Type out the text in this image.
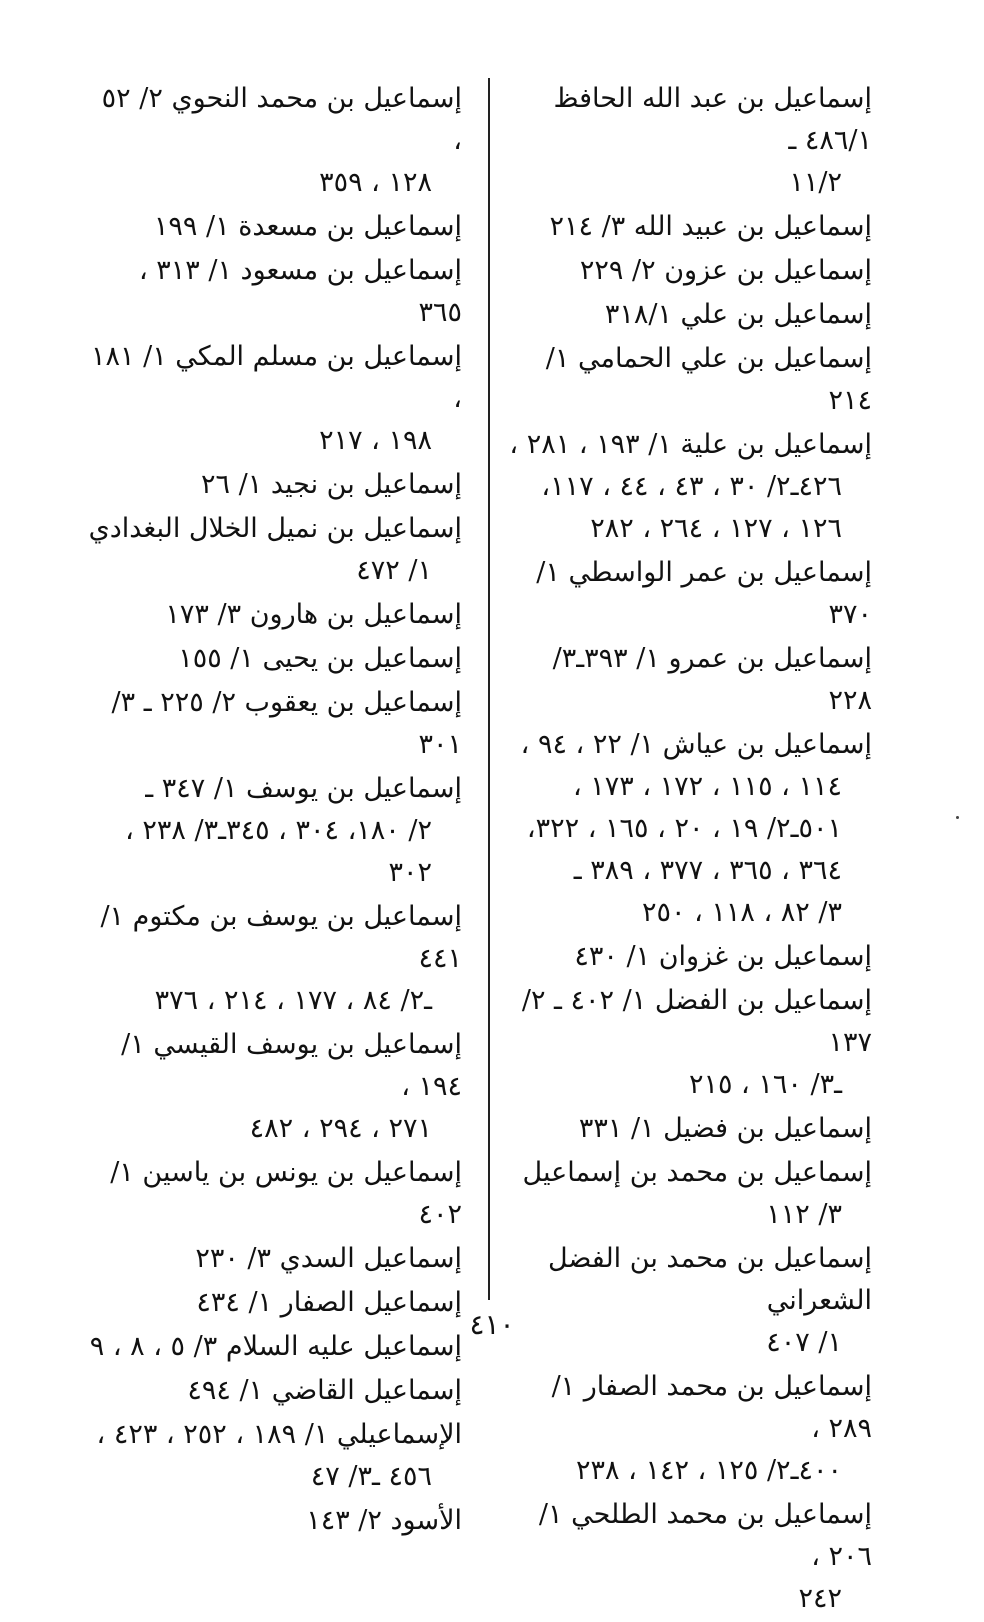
إسماعيل بن عبد الله الحافظ ٤٨٦/١ ـ
١١/٢
إسماعيل بن عبيد الله ٣/ ٢١٤
إسماعيل بن عزون ٢/ ٢٢٩
إسماعيل بن علي ٣١٨/١
إسماعيل بن علي الحمامي ١/ ٢١٤
إسماعيل بن علية ١/ ١٩٣ ، ٢٨١ ،
٤٢٦ـ٢/ ٣٠ ، ٤٣ ، ٤٤ ، ١١٧،
١٢٦ ، ١٢٧ ، ٢٦٤ ، ٢٨٢
إسماعيل بن عمر الواسطي ١/ ٣٧٠
إسماعيل بن عمرو ١/ ٣٩٣ـ٣/ ٢٢٨
إسماعيل بن عياش ١/ ٢٢ ، ٩٤ ،
١١٤ ، ١١٥ ، ١٧٢ ، ١٧٣ ،
٥٠١ـ٢/ ١٩ ، ٢٠ ، ١٦٥ ، ٣٢٢،
٣٦٤ ، ٣٦٥ ، ٣٧٧ ، ٣٨٩ ـ
٣/ ٨٢ ، ١١٨ ، ٢٥٠
إسماعيل بن غزوان ١/ ٤٣٠
إسماعيل بن الفضل ١/ ٤٠٢ ـ ٢/ ١٣٧
ـ٣/ ١٦٠ ، ٢١٥
إسماعيل بن فضيل ١/ ٣٣١
إسماعيل بن محمد بن إسماعيل
٣/ ١١٢
إسماعيل بن محمد بن الفضل الشعراني
١/ ٤٠٧
إسماعيل بن محمد الصفار ١/ ٢٨٩ ،
٤٠٠ـ٢/ ١٢٥ ، ١٤٢ ، ٢٣٨
إسماعيل بن محمد الطلحي ١/ ٢٠٦ ،
٢٤٢
إسماعيل بن محمد النحوي ٢/ ٥٢ ،
١٢٨ ، ٣٥٩
إسماعيل بن مسعدة ١/ ١٩٩
إسماعيل بن مسعود ١/ ٣١٣ ، ٣٦٥
إسماعيل بن مسلم المكي ١/ ١٨١ ،
١٩٨ ، ٢١٧
إسماعيل بن نجيد ١/ ٢٦
إسماعيل بن نميل الخلال البغدادي
١/ ٤٧٢
إسماعيل بن هارون ٣/ ١٧٣
إسماعيل بن يحيى ١/ ١٥٥
إسماعيل بن يعقوب ٢/ ٢٢٥ ـ ٣/ ٣٠١
إسماعيل بن يوسف ١/ ٣٤٧ ـ
٢/ ١٨٠، ٣٠٤ ، ٣٤٥ـ٣/ ٢٣٨ ،
٣٠٢
إسماعيل بن يوسف بن مكتوم ١/ ٤٤١
ـ٢/ ٨٤ ، ١٧٧ ، ٢١٤ ، ٣٧٦
إسماعيل بن يوسف القيسي ١/ ١٩٤ ،
٢٧١ ، ٢٩٤ ، ٤٨٢
إسماعيل بن يونس بن ياسين ١/ ٤٠٢
إسماعيل السدي ٣/ ٢٣٠
إسماعيل الصفار ١/ ٤٣٤
إسماعيل عليه السلام ٣/ ٥ ، ٨ ، ٩
إسماعيل القاضي ١/ ٤٩٤
الإسماعيلي ١/ ١٨٩ ، ٢٥٢ ، ٤٢٣ ،
٤٥٦ ـ٣/ ٤٧
الأسود ٢/ ١٤٣
٤١٠
